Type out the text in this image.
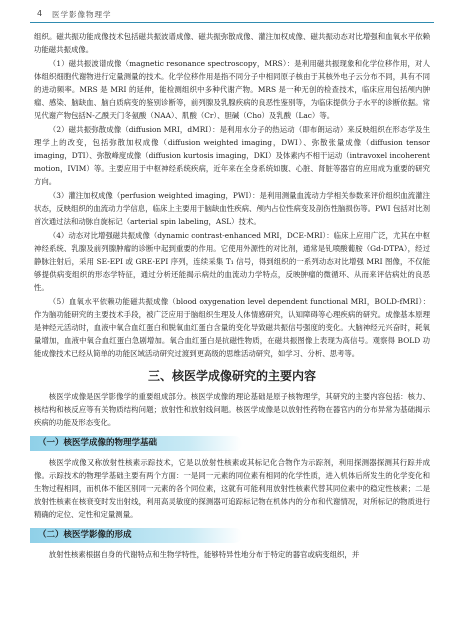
4 医学影像物理学

组织。磁共振功能成像技术包括磁共振波谱成像、磁共振弥散成像、灌注加权成像、磁共振动态对比增强和血氧水平依赖功能磁共振成像。

（1）磁共振波谱成像（magnetic resonance spectroscopy，MRS）：是利用磁共振现象和化学位移作用，对人体组织细胞代谢物进行定量测量的技术。化学位移作用是指不同分子中相同原子核由于其核外电子云分布不同，具有不同的进动频率。MRS 是 MRI 的延伸，能检测组织中多种代谢产物。MRS 是一种无创的检查技术，临床应用包括颅内肿瘤、感染、脑缺血、脑白质病变的鉴别诊断等，前列腺及乳腺疾病的良恶性鉴别等，为临床提供分子水平的诊断依据。常见代谢产物包括N-乙酰天门冬氨酸（NAA）、肌酸（Cr）、胆碱（Cho）及乳酸（Lac）等。

（2）磁共振弥散成像（diffusion MRI，dMRI）：是利用水分子的热运动（即布朗运动）来反映组织在形态学及生理学上的改变，包括弥散加权成像（diffusion weighted imaging，DWI）、弥散张量成像（diffusion tensor imaging，DTI）、弥散峰度成像（diffusion kurtosis imaging，DKI）及体素内不相干运动（intravoxel incoherent motion，IVIM）等。主要应用于中枢神经系统疾病，近年来在全身系统如腹、心脏、肾脏等器官的应用成为重要的研究方向。

（3）灌注加权成像（perfusion weighted imaging，PWI）：是利用测量血流动力学相关参数来评价组织血流灌注状态，反映组织的血流动力学信息，临床上主要用于脑缺血性疾病、颅内占位性病变及剖伤性脑损伤等。PWI 包括对比剂首次通过法和动脉自旋标记（arterial spin labeling，ASL）技术。

（4）动态对比增强磁共振成像（dynamic contrast-enhanced MRI，DCE-MRI）：临床上应用广泛，尤其在中枢神经系统、乳腺及前列腺肿瘤的诊断中起到重要的作用。它使用外源性的对比剂，通常是钆喷酸葡胺（Gd-DTPA），经过静脉注射后，采用 SE-EPI 或 GRE-EPI 序列，连续采集 T₁ 信号，得到组织的一系列动态对比增强 MRI 图像，不仅能够提供病变组织的形态学特征，通过分析还能揭示病灶的血流动力学特点，反映肿瘤的微循环、从而来评估病灶的良恶性。

（5）血氧水平依赖功能磁共振成像（blood oxygenation level dependent functional MRI，BOLD-fMRI）：作为脑功能研究的主要技术手段，被广泛应用于脑组织生理及人体情感研究，认知障碍等心理疾病的研究。成像基本原理是神经元活动时，血液中氧合血红蛋白和脱氧血红蛋白含量的变化导致磁共振信号强度的变化。大脑神经元兴奋时，耗氧量增加，血液中氧合血红蛋白急剧增加。氧合血红蛋白是抗磁性物质，在磁共振图像上表现为高信号。观察得 BOLD 功能成像技术已经从简单的功能区域活动研究过渡到更高级的思维活动研究，如学习、分析、思考等。

三、核医学成像研究的主要内容

核医学成像是医学影像学的重要组成部分。核医学成像的理论基础是原子核物理学，其研究的主要内容包括：核力、核结构和核反应等有关物质结构问题；放射性和放射线问题。核医学成像是以放射性药物在器官内的分布异常为基础揭示疾病的功能及形态变化。

（一）核医学成像的物理学基础

核医学成像又称放射性核素示踪技术，它是以放射性核素或其标记化合物作为示踪剂，利用探测器探测其行踪并成像。示踪技术的物理学基础主要有两个方面：一是同一元素的同位素有相同的化学性质，进入机体后所发生的化学变化和生物过程相同，而机体不能区别同一元素的各个同位素，这就有可能利用放射性核素代替其同位素中的稳定性核素；二是放射性核素在核衰变时发出射线，利用高灵敏度的探测器可追踪标记物在机体内的分布和代谢情况，对所标记的物质进行精确的定位、定性和定量测量。

（二）核医学影像的形成

放射性核素根据自身的代谢特点和生物学特性，能够特异性地分布于特定的器官或病变组织，并
